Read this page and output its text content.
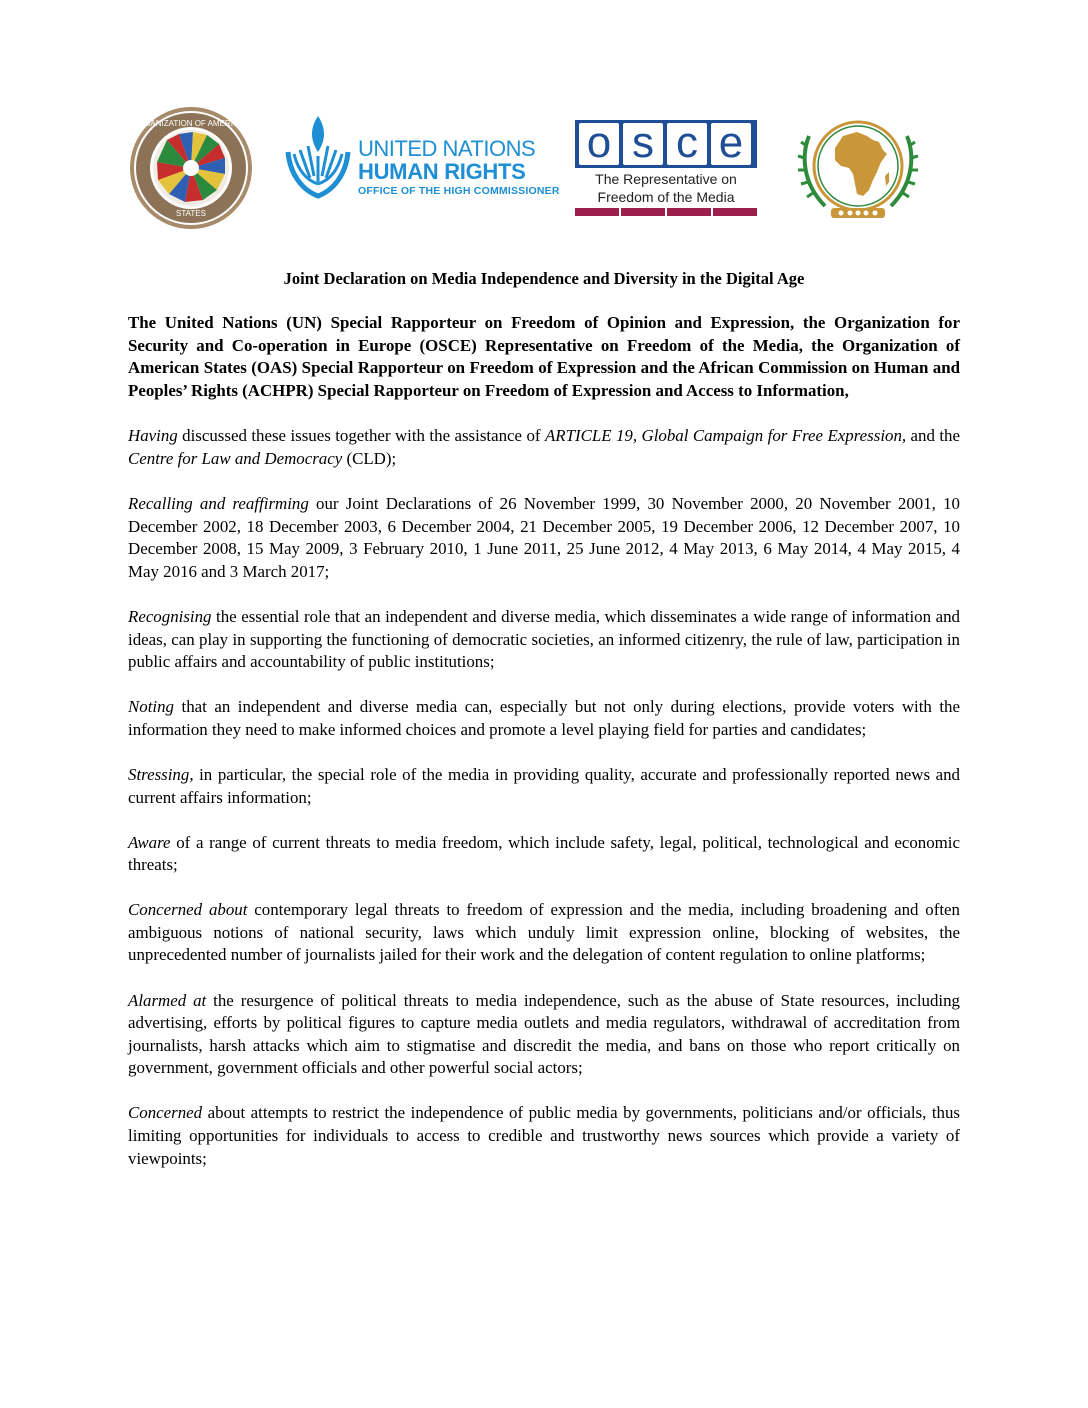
ORGANIZATION OF AMERICAN
STATES
UNITED NATIONS
HUMAN RIGHTS
OFFICE OF THE HIGH COMMISSIONER
o s c e
The Representative on
Freedom of the Media
Joint Declaration on Media Independence and Diversity in the Digital Age

The United Nations (UN) Special Rapporteur on Freedom of Opinion and Expression, the Organization for Security and Co-operation in Europe (OSCE) Representative on Freedom of the Media, the Organization of American States (OAS) Special Rapporteur on Freedom of Expression and the African Commission on Human and Peoples’ Rights (ACHPR) Special Rapporteur on Freedom of Expression and Access to Information,

Having discussed these issues together with the assistance of ARTICLE 19, Global Campaign for Free Expression, and the Centre for Law and Democracy (CLD);

Recalling and reaffirming our Joint Declarations of 26 November 1999, 30 November 2000, 20 November 2001, 10 December 2002, 18 December 2003, 6 December 2004, 21 December 2005, 19 December 2006, 12 December 2007, 10 December 2008, 15 May 2009, 3 February 2010, 1 June 2011, 25 June 2012, 4 May 2013, 6 May 2014, 4 May 2015, 4 May 2016 and 3 March 2017;

Recognising the essential role that an independent and diverse media, which disseminates a wide range of information and ideas, can play in supporting the functioning of democratic societies, an informed citizenry, the rule of law, participation in public affairs and accountability of public institutions;

Noting that an independent and diverse media can, especially but not only during elections, provide voters with the information they need to make informed choices and promote a level playing field for parties and candidates;

Stressing, in particular, the special role of the media in providing quality, accurate and professionally reported news and current affairs information;

Aware of a range of current threats to media freedom, which include safety, legal, political, technological and economic threats;

Concerned about contemporary legal threats to freedom of expression and the media, including broadening and often ambiguous notions of national security, laws which unduly limit expression online, blocking of websites, the unprecedented number of journalists jailed for their work and the delegation of content regulation to online platforms;

Alarmed at the resurgence of political threats to media independence, such as the abuse of State resources, including advertising, efforts by political figures to capture media outlets and media regulators, withdrawal of accreditation from journalists, harsh attacks which aim to stigmatise and discredit the media, and bans on those who report critically on government, government officials and other powerful social actors;

Concerned about attempts to restrict the independence of public media by governments, politicians and/or officials, thus limiting opportunities for individuals to access to credible and trustworthy news sources which provide a variety of viewpoints;
